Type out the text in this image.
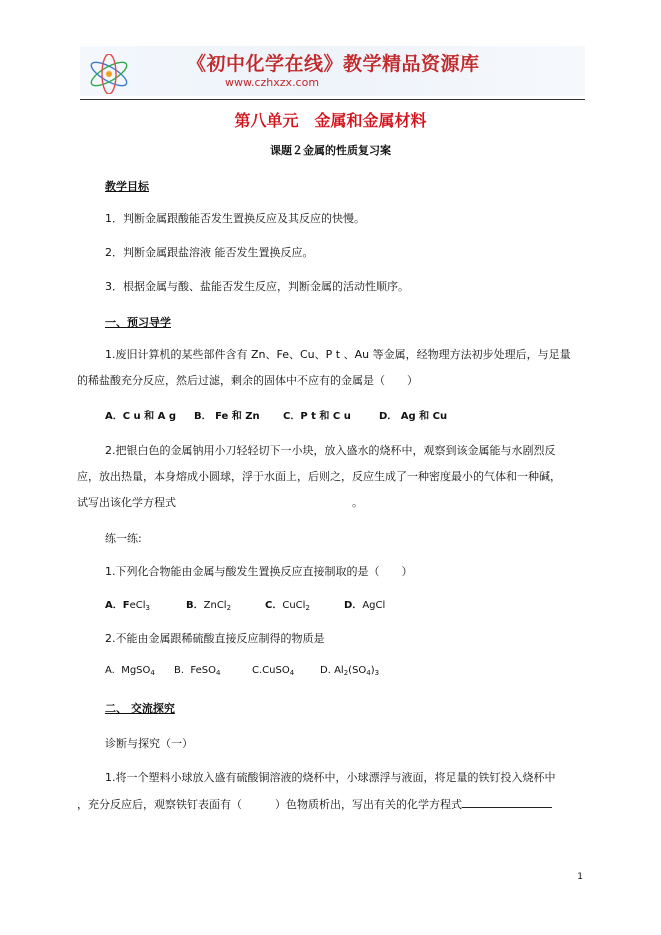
《初中化学在线》教学精品资源库
www.czhxzx.com
第八单元　金属和金属材料
课题２金属的性质复习案
教学目标
1．判断金属跟酸能否发生置换反应及其反应的快慢。
2．判断金属跟盐溶液 能否发生置换反应。
3．根据金属与酸、盐能否发生反应，判断金属的活动性顺序。
一、预习导学
1.废旧计算机的某些部件含有 Zn、Fe、Cu、P t 、Au 等金属，经物理方法初步处理后，与足量
的稀盐酸充分反应，然后过滤，剩余的固体中不应有的金属是（　　）
A．C u 和 A g B． Fe 和 Zn C．P t 和 C u	D． Ag 和 Cu
2.把银白色的金属钠用小刀轻轻切下一小块，放入盛水的烧杯中，观察到该金属能与水剧烈反
应，放出热量，本身熔成小圆球，浮于水面上，后则之，反应生成了一种密度最小的气体和一种碱，
试写出该化学方程式	。
练一练:
1.下列化合物能由金属与酸发生置换反应直接制取的是（　　）
A．FeCl$_3$	B．ZnCl$_2$	C．CuCl$_2$	D．AgCl
2.不能由金属跟稀硫酸直接反应制得的物质是
A. MgSO$_4$ B. FeSO$_4$	C.CuSO$_4$	D. $Al_2(SO_4)_3$
二、 交流探究
诊断与探究（一）
1.将一个塑料小球放入盛有硫酸铜溶液的烧杯中，小球漂浮与液面，将足量的铁钉投入烧杯中
，充分反应后，观察铁钉表面有（　　　）色物质析出，写出有关的化学方程式
1
